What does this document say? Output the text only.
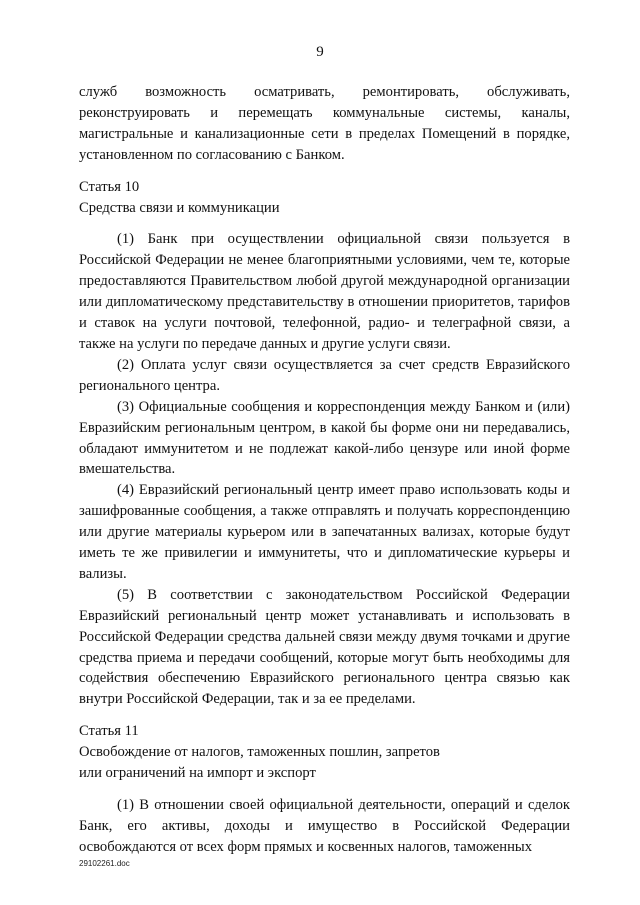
9

служб возможность осматривать, ремонтировать, обслуживать, реконструировать и перемещать коммунальные системы, каналы, магистральные и канализационные сети в пределах Помещений в порядке, установленном по согласованию с Банком.

Статья 10

Средства связи и коммуникации

(1) Банк при осуществлении официальной связи пользуется в Российской Федерации не менее благоприятными условиями, чем те, которые предоставляются Правительством любой другой международной организации или дипломатическому представительству в отношении приоритетов, тарифов и ставок на услуги почтовой, телефонной, радио- и телеграфной связи, а также на услуги по передаче данных и другие услуги связи.

(2) Оплата услуг связи осуществляется за счет средств Евразийского регионального центра.

(3) Официальные сообщения и корреспонденция между Банком и (или) Евразийским региональным центром, в какой бы форме они ни передавались, обладают иммунитетом и не подлежат какой-либо цензуре или иной форме вмешательства.

(4) Евразийский региональный центр имеет право использовать коды и зашифрованные сообщения, а также отправлять и получать корреспонденцию или другие материалы курьером или в запечатанных вализах, которые будут иметь те же привилегии и иммунитеты, что и дипломатические курьеры и вализы.

(5) В соответствии с законодательством Российской Федерации Евразийский региональный центр может устанавливать и использовать в Российской Федерации средства дальней связи между двумя точками и другие средства приема и передачи сообщений, которые могут быть необходимы для содействия обеспечению Евразийского регионального центра связью как внутри Российской Федерации, так и за ее пределами.

Статья 11

Освобождение от налогов, таможенных пошлин, запретов

или ограничений на импорт и экспорт

(1) В отношении своей официальной деятельности, операций и сделок Банк, его активы, доходы и имущество в Российской Федерации освобождаются от всех форм прямых и косвенных налогов, таможенных

29102261.doc
